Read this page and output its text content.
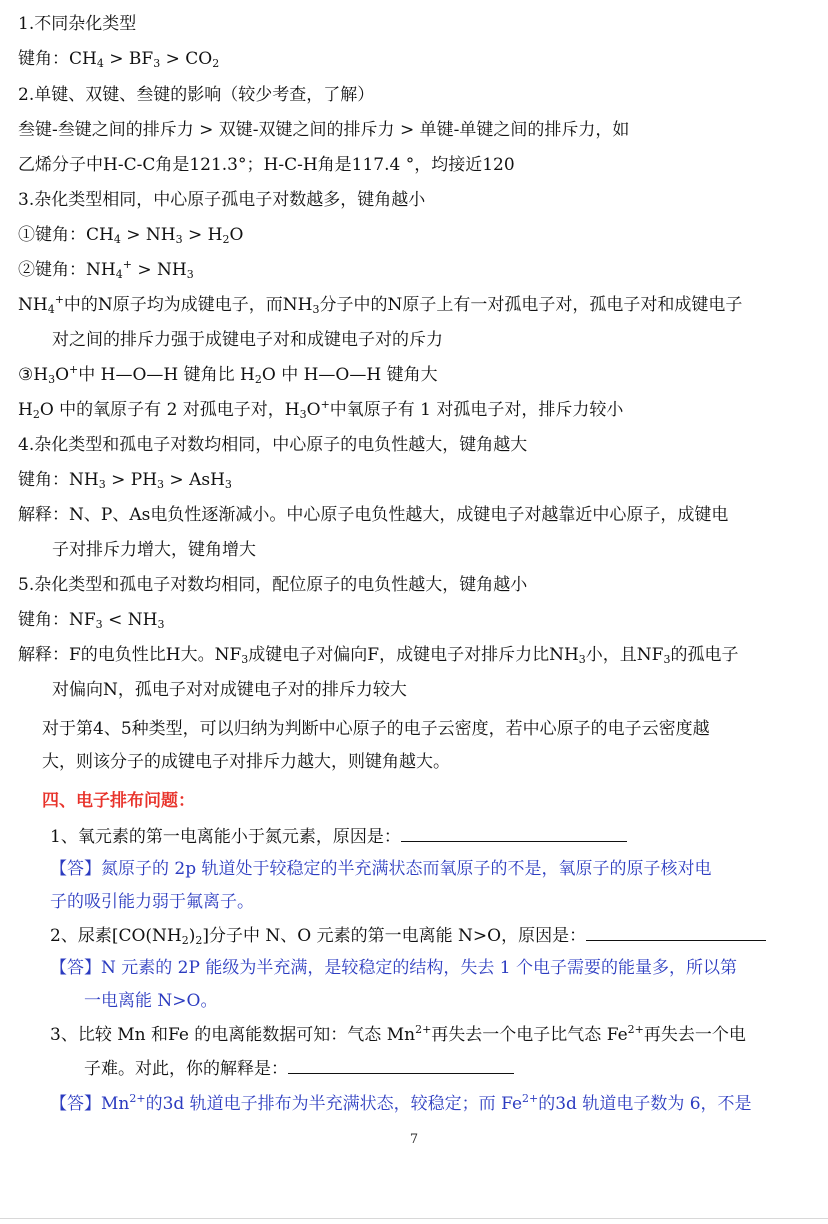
1.不同杂化类型
键角：$CH_4 > BF_3 > CO_2$
2.单键、双键、叁键的影响（较少考查，了解）
叁键-叁键之间的排斥力 > 双键-双键之间的排斥力 > 单键-单键之间的排斥力，如
乙烯分子中H-C-C角是121.3°；H-C-H角是117.4 °，均接近120
3.杂化类型相同，中心原子孤电子对数越多，键角越小
①键角：$CH_4 > NH_3 > H_2O$
②键角：$NH_4^+ > NH_3$
$NH_4^+$中的N原子均为成键电子，而$NH_3$分子中的N原子上有一对孤电子对，孤电子对和成键电子
对之间的排斥力强于成键电子对和成键电子对的斥力
$③H_3O^+$中 H—O—H 键角比 $H_2O$ 中 H—O—H 键角大
$H_2O$ 中的氧原子有 2 对孤电子对，$H_3O^+$中氧原子有 1 对孤电子对，排斥力较小
4.杂化类型和孤电子对数均相同，中心原子的电负性越大，键角越大
键角：$NH_3 > PH_3 > AsH_3$
解释：N、P、As电负性逐渐减小。中心原子电负性越大，成键电子对越靠近中心原子，成键电
子对排斥力增大，键角增大
5.杂化类型和孤电子对数均相同，配位原子的电负性越大，键角越小
键角：$NF_3 < NH_3$
解释：F的电负性比H大。$NF_3$成键电子对偏向F，成键电子对排斥力比$NH_3$小，且$NF_3$的孤电子
对偏向N，孤电子对对成键电子对的排斥力较大
对于第4、5种类型，可以归纳为判断中心原子的电子云密度，若中心原子的电子云密度越
大，则该分子的成键电子对排斥力越大，则键角越大。
四、电子排布问题：
1、氧元素的第一电离能小于氮元素，原因是：
【答】氮原子的 2p 轨道处于较稳定的半充满状态而氧原子的不是，氧原子的原子核对电
子的吸引能力弱于氟离子。
2、尿素$[CO(NH_2)_2]$分子中 N、O 元素的第一电离能 N>O，原因是：
【答】N 元素的 2P 能级为半充满，是较稳定的结构，失去 1 个电子需要的能量多，所以第
一电离能 N>O。
3、比较 Mn 和Fe 的电离能数据可知：气态 $Mn^{2+}$再失去一个电子比气态 $Fe^{2+}$再失去一个电
子难。对此，你的解释是：
【答】$Mn^{2+}$的3d 轨道电子排布为半充满状态，较稳定；而 $Fe^{2+}$的3d 轨道电子数为 6，不是
7
